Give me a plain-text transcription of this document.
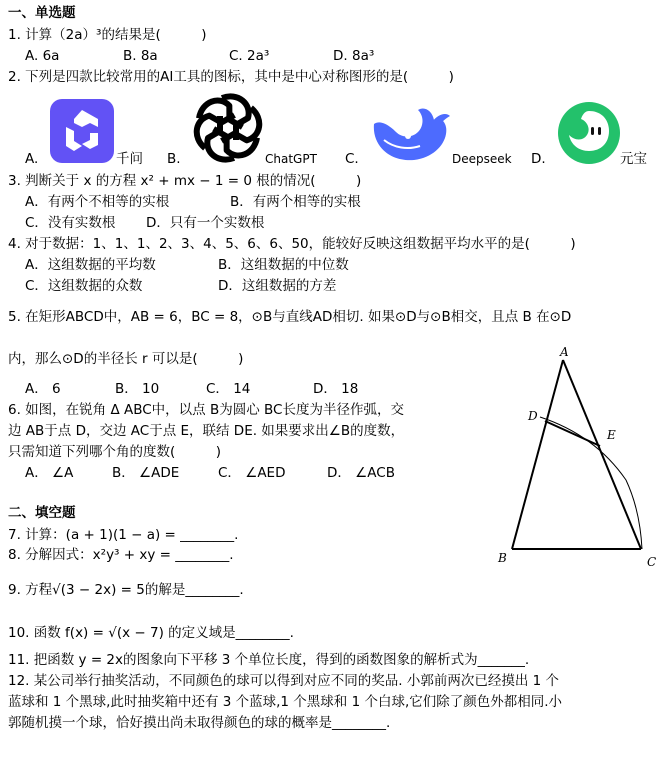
一、单选题
1. 计算（2a）³的结果是(　　　)
A. 6a	B. 8a	C. 2a³	D. 8a³
2. 下列是四款比较常用的AI工具的图标，其中是中心对称图形的是(　　　)
A.	千问 B.	ChatGPT C.	Deepseek D.	元宝
3. 判断关于 x 的方程 x² + mx − 1 = 0 根的情况(　　　)
A．有两个不相等的实根	B．有两个相等的实根
C．没有实数根 D．只有一个实数根
4. 对于数据：1、1、1、2、3、4、5、6、6、50，能较好反映这组数据平均水平的是(　　　)
A．这组数据的平均数	B．这组数据的中位数
C．这组数据的众数	D．这组数据的方差
5. 在矩形ABCD中，AB = 6，BC = 8，⊙B与直线AD相切. 如果⊙D与⊙B相交，且点 B 在⊙D
内，那么⊙D的半径长 r 可以是(　　　)
A． 6	B． 10	C． 14	D． 18
6. 如图，在锐角 Δ ABC中，以点 B为圆心 BC长度为半径作弧，交
边 AB于点 D，交边 AC于点 E，联结 DE. 如果要求出∠B的度数，
只需知道下列哪个角的度数(　　　)
A． ∠A	B． ∠ADE	C． ∠AED	D． ∠ACB
A
D
E
B	C
二、填空题
7. 计算：(a + 1)(1 − a) = ________.
8. 分解因式：x²y³ + xy = ________.
9. 方程√(3 − 2x) = 5的解是________.
10. 函数 f(x) = √(x − 7) 的定义域是________.
11. 把函数 y = 2x的图象向下平移 3 个单位长度，得到的函数图象的解析式为_______.
12. 某公司举行抽奖活动，不同颜色的球可以得到对应不同的奖品. 小郭前两次已经摸出 1 个
蓝球和 1 个黑球,此时抽奖箱中还有 3 个蓝球,1 个黑球和 1 个白球,它们除了颜色外都相同.小
郭随机摸一个球，恰好摸出尚未取得颜色的球的概率是________.
